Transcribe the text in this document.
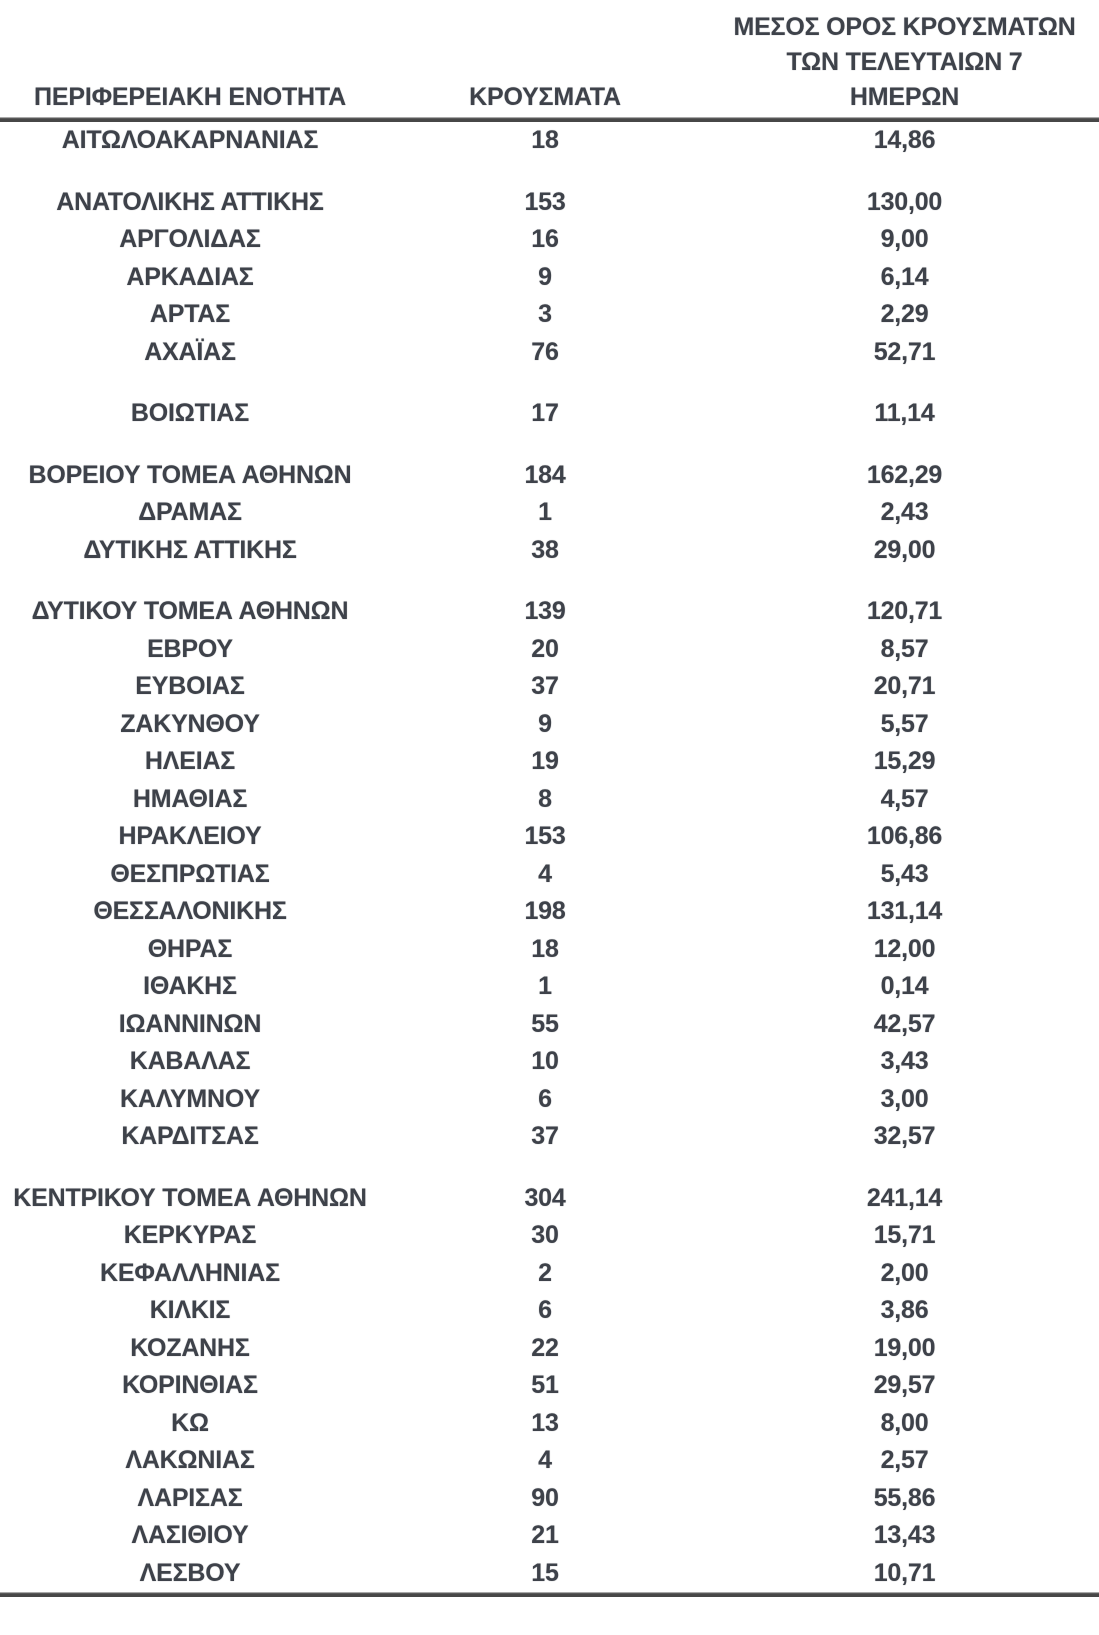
ΠΕΡΙΦΕΡΕΙΑΚΗ ΕΝΟΤΗΤΑ	ΚΡΟΥΣΜΑΤΑ
ΜΕΣΟΣ ΟΡΟΣ ΚΡΟΥΣΜΑΤΩΝ
ΤΩΝ ΤΕΛΕΥΤΑΙΩΝ 7
ΗΜΕΡΩΝ
ΑΙΤΩΛΟΑΚΑΡΝΑΝΙΑΣ	18	14,86
ΑΝΑΤΟΛΙΚΗΣ ΑΤΤΙΚΗΣ	153	130,00
ΑΡΓΟΛΙΔΑΣ	16	9,00
ΑΡΚΑΔΙΑΣ	9	6,14
ΑΡΤΑΣ	3	2,29
ΑΧΑΪΑΣ	76	52,71
ΒΟΙΩΤΙΑΣ	17	11,14
ΒΟΡΕΙΟΥ ΤΟΜΕΑ ΑΘΗΝΩΝ	184	162,29
ΔΡΑΜΑΣ	1	2,43
ΔΥΤΙΚΗΣ ΑΤΤΙΚΗΣ	38	29,00
ΔΥΤΙΚΟΥ ΤΟΜΕΑ ΑΘΗΝΩΝ	139	120,71
ΕΒΡΟΥ	20	8,57
ΕΥΒΟΙΑΣ	37	20,71
ΖΑΚΥΝΘΟΥ	9	5,57
ΗΛΕΙΑΣ	19	15,29
ΗΜΑΘΙΑΣ	8	4,57
ΗΡΑΚΛΕΙΟΥ	153	106,86
ΘΕΣΠΡΩΤΙΑΣ	4	5,43
ΘΕΣΣΑΛΟΝΙΚΗΣ	198	131,14
ΘΗΡΑΣ	18	12,00
ΙΘΑΚΗΣ	1	0,14
ΙΩΑΝΝΙΝΩΝ	55	42,57
ΚΑΒΑΛΑΣ	10	3,43
ΚΑΛΥΜΝΟΥ	6	3,00
ΚΑΡΔΙΤΣΑΣ	37	32,57
ΚΕΝΤΡΙΚΟΥ ΤΟΜΕΑ ΑΘΗΝΩΝ	304	241,14
ΚΕΡΚΥΡΑΣ	30	15,71
ΚΕΦΑΛΛΗΝΙΑΣ	2	2,00
ΚΙΛΚΙΣ	6	3,86
ΚΟΖΑΝΗΣ	22	19,00
ΚΟΡΙΝΘΙΑΣ	51	29,57
ΚΩ	13	8,00
ΛΑΚΩΝΙΑΣ	4	2,57
ΛΑΡΙΣΑΣ	90	55,86
ΛΑΣΙΘΙΟΥ	21	13,43
ΛΕΣΒΟΥ	15	10,71
